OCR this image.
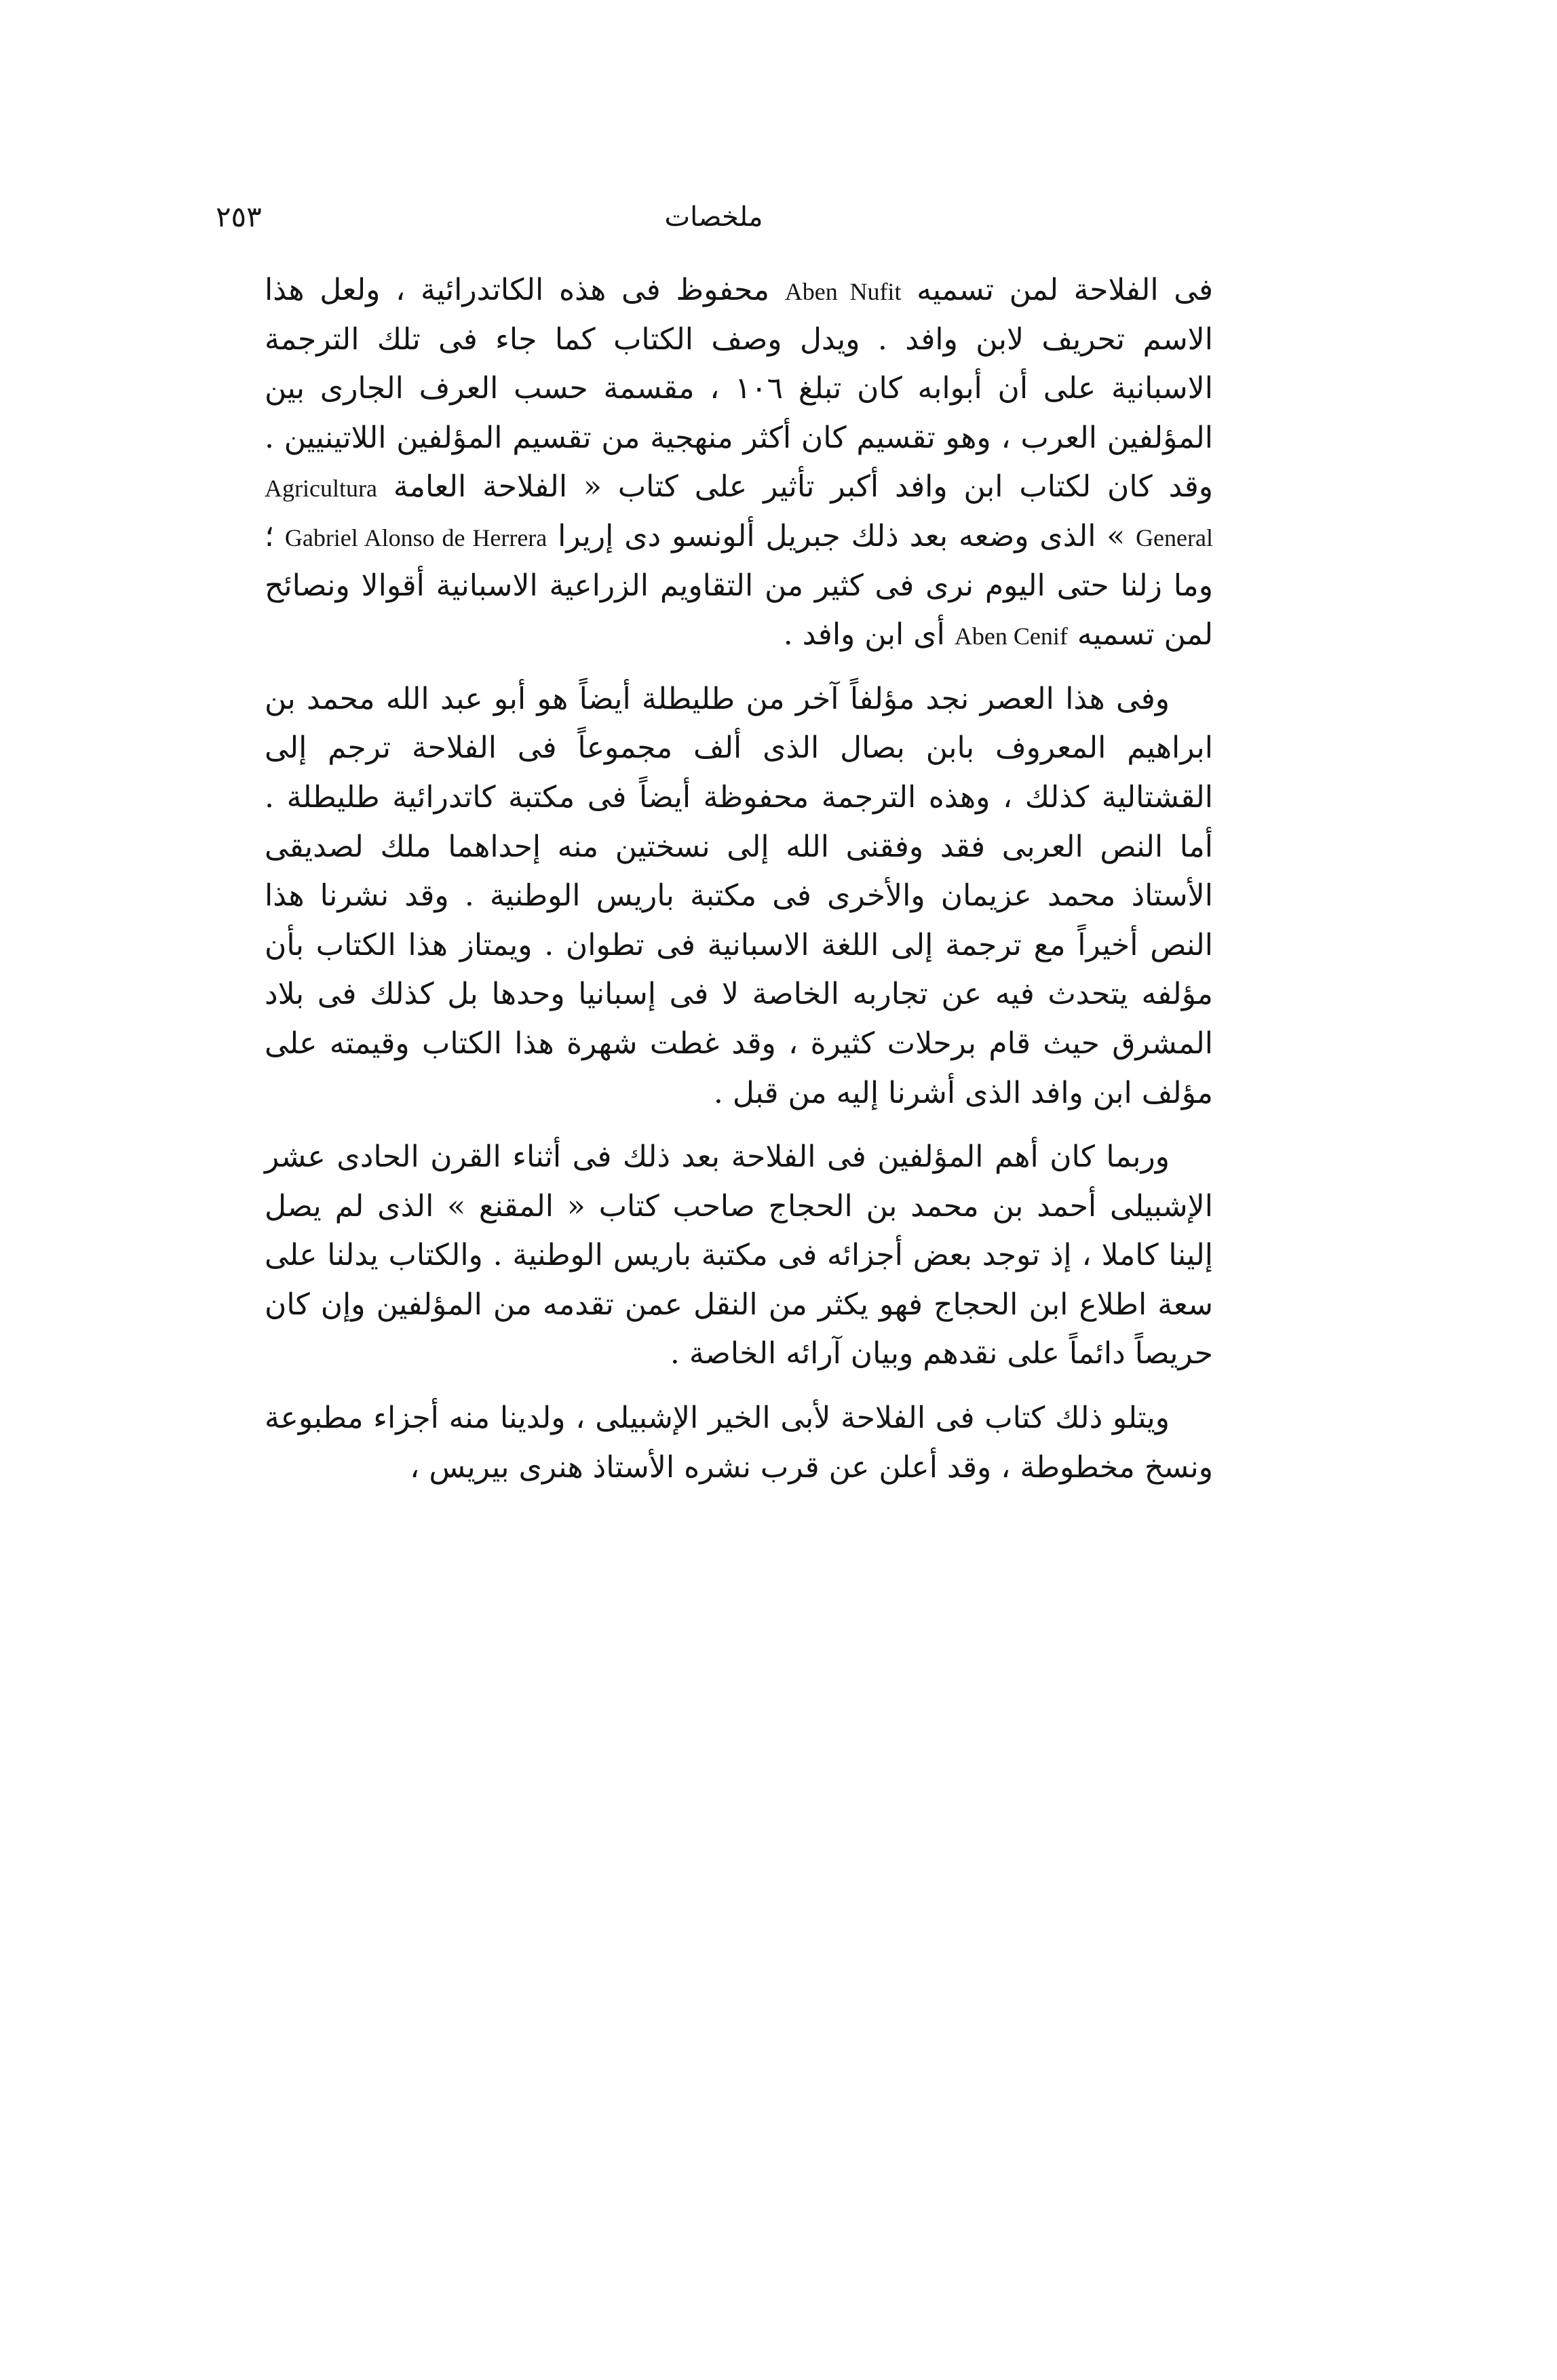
ملخصات
٢٥٣

فى الفلاحة لمن تسميه Aben Nufit محفوظ فى هذه الكاتدرائية ، ولعل هذا الاسم تحريف لابن وافد . ويدل وصف الكتاب كما جاء فى تلك الترجمة الاسبانية على أن أبوابه كان تبلغ ١٠٦ ، مقسمة حسب العرف الجارى بين المؤلفين العرب ، وهو تقسيم كان أكثر منهجية من تقسيم المؤلفين اللاتينيين . وقد كان لكتاب ابن وافد أكبر تأثير على كتاب « الفلاحة العامة Agricultura General » الذى وضعه بعد ذلك جبريل ألونسو دى إريرا Gabriel Alonso de Herrera ؛ وما زلنا حتى اليوم نرى فى كثير من التقاويم الزراعية الاسبانية أقوالا ونصائح لمن تسميه Aben Cenif أى ابن وافد .

وفى هذا العصر نجد مؤلفاً آخر من طليطلة أيضاً هو أبو عبد الله محمد بن ابراهيم المعروف بابن بصال الذى ألف مجموعاً فى الفلاحة ترجم إلى القشتالية كذلك ، وهذه الترجمة محفوظة أيضاً فى مكتبة كاتدرائية طليطلة . أما النص العربى فقد وفقنى الله إلى نسختين منه إحداهما ملك لصديقى الأستاذ محمد عزيمان والأخرى فى مكتبة باريس الوطنية . وقد نشرنا هذا النص أخيراً مع ترجمة إلى اللغة الاسبانية فى تطوان . ويمتاز هذا الكتاب بأن مؤلفه يتحدث فيه عن تجاربه الخاصة لا فى إسبانيا وحدها بل كذلك فى بلاد المشرق حيث قام برحلات كثيرة ، وقد غطت شهرة هذا الكتاب وقيمته على مؤلف ابن وافد الذى أشرنا إليه من قبل .

وربما كان أهم المؤلفين فى الفلاحة بعد ذلك فى أثناء القرن الحادى عشر الإشبيلى أحمد بن محمد بن الحجاج صاحب كتاب « المقنع » الذى لم يصل إلينا كاملا ، إذ توجد بعض أجزائه فى مكتبة باريس الوطنية . والكتاب يدلنا على سعة اطلاع ابن الحجاج فهو يكثر من النقل عمن تقدمه من المؤلفين وإن كان حريصاً دائماً على نقدهم وبيان آرائه الخاصة .

ويتلو ذلك كتاب فى الفلاحة لأبى الخير الإشبيلى ، ولدينا منه أجزاء مطبوعة ونسخ مخطوطة ، وقد أعلن عن قرب نشره الأستاذ هنرى بيريس ،
